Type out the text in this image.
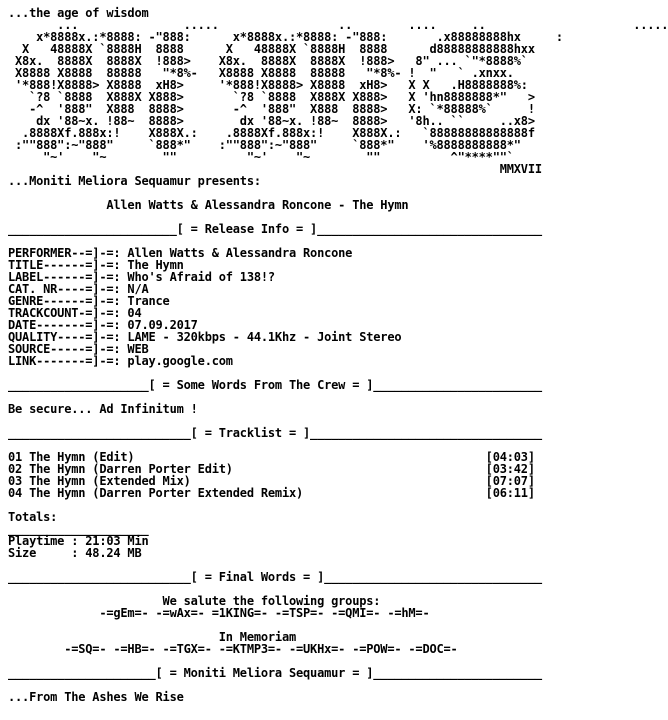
...the age of wisdom
...               .....                 ..        ....     ..                     .....
x*8888x.:*8888: -"888:      x*8888x.:*8888: -"888:       .x88888888hx     :
X   48888X `8888H  8888      X   48888X `8888H  8888      d88888888888hxx
X8x.  8888X  8888X  !888>    X8x.  8888X  8888X  !888>   8" ... `"*8888%`
X8888 X8888  88888   "*8%-   X8888 X8888  88888   "*8%- !  "   ` .xnxx.
'*888!X8888> X8888  xH8>     '*888!X8888> X8888  xH8>   X X   .H8888888%:
`?8 `8888  X888X X888>       `?8 `8888  X888X X888>   X 'hn8888888*"   >
-^  '888"  X888  8888>       -^  '888"  X888  8888>   X: `*88888%`     !
dx '88~x. !88~  8888>        dx '88~x. !88~  8888>   '8h.. ``     ..x8>
.8888Xf.888x:!    X888X.:    .8888Xf.888x:!    X888X.:   `88888888888888f
:""888":~"888"     `888*"    :""888":~"888"     `888*"    '%8888888888*"
"~'    "~        ""          "~'    "~        ""          ^"****""`
MMXVII
...Moniti Meliora Sequamur presents:
Allen Watts & Alessandra Roncone - The Hymn
________________________[ = Release Info = ]________________________________
PERFORMER--=]-=: Allen Watts & Alessandra Roncone
TITLE------=]-=: The Hymn
LABEL------=]-=: Who's Afraid of 138!?
CAT. NR----=]-=: N/A
GENRE------=]-=: Trance
TRACKCOUNT-=]-=: 04
DATE-------=]-=: 07.09.2017
QUALITY----=]-=: LAME - 320kbps - 44.1Khz - Joint Stereo
SOURCE-----=]-=: WEB
LINK-------=]-=: play.google.com
____________________[ = Some Words From The Crew = ]________________________
Be secure... Ad Infinitum !
__________________________[ = Tracklist = ]_________________________________
01 The Hymn (Edit)                                                  [04:03]
02 The Hymn (Darren Porter Edit)                                    [03:42]
03 The Hymn (Extended Mix)                                          [07:07]
04 The Hymn (Darren Porter Extended Remix)                          [06:11]
Totals:
____________________
Playtime : 21:03 Min
Size     : 48.24 MB
__________________________[ = Final Words = ]_______________________________
We salute the following groups:
-=gEm=- -=wAx=- =1KING=- -=TSP=- -=QMI=- -=hM=-
In Memoriam
-=SQ=- -=HB=- -=TGX=- -=KTMP3=- -=UKHx=- -=POW=- -=DOC=-
_____________________[ = Moniti Meliora Sequamur = ]________________________
...From The Ashes We Rise
